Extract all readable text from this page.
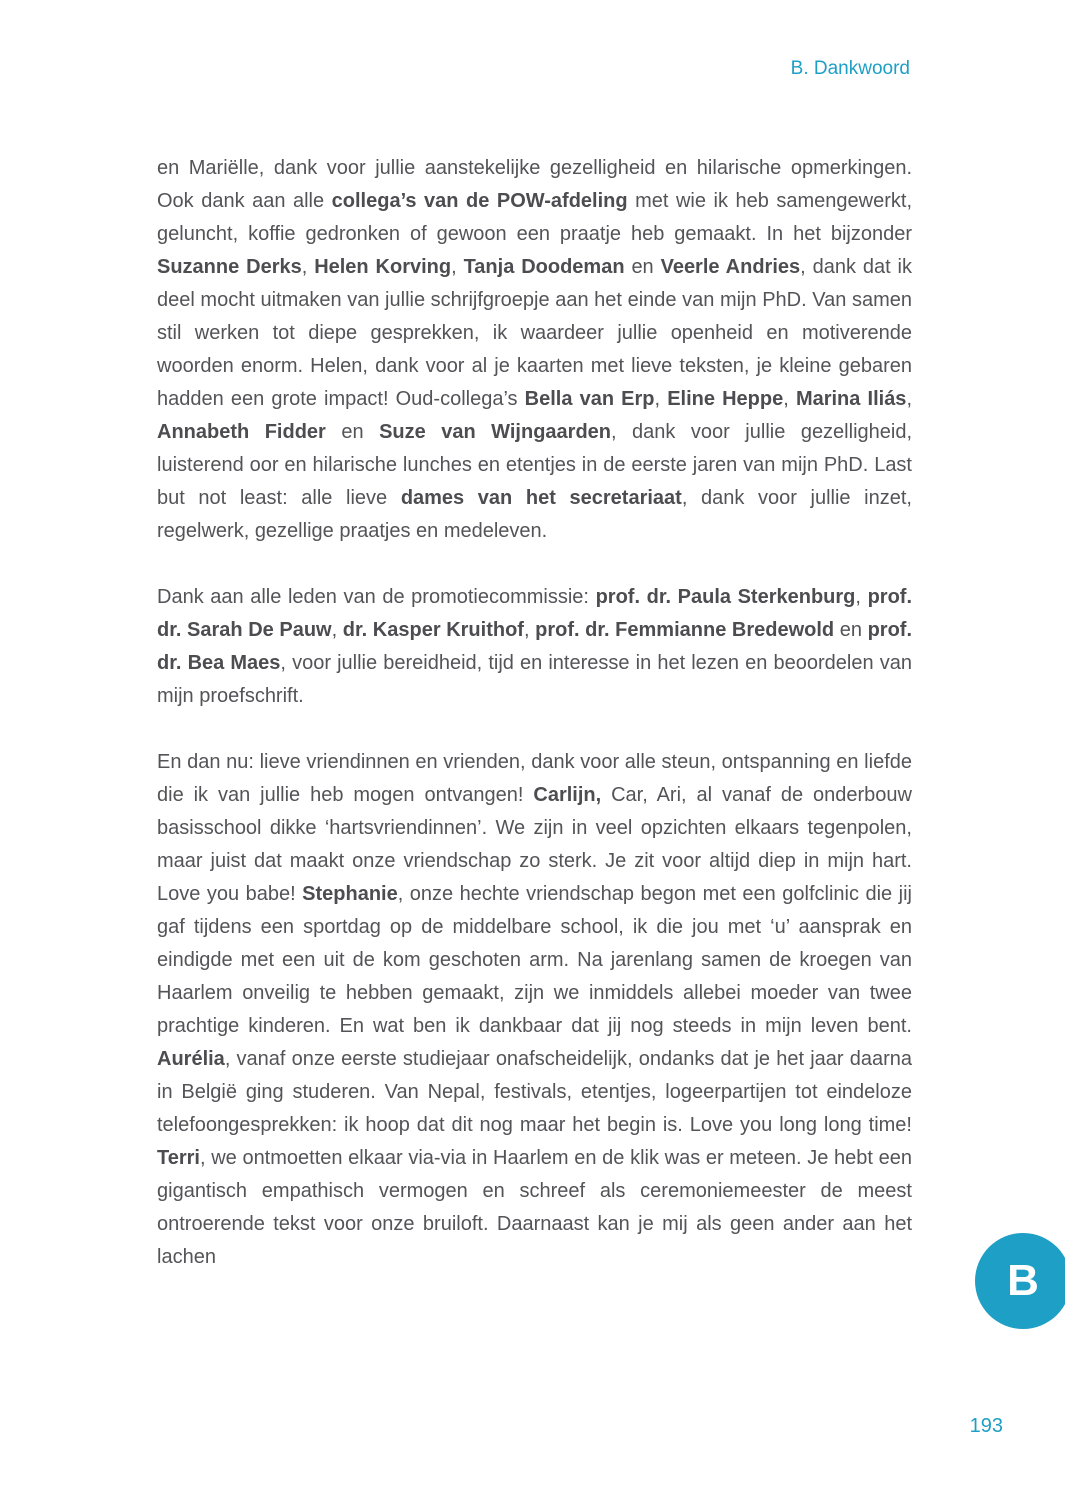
B. Dankwoord

en Mariëlle, dank voor jullie aanstekelijke gezelligheid en hilarische opmerkingen. Ook dank aan alle collega’s van de POW-afdeling met wie ik heb samengewerkt, geluncht, koffie gedronken of gewoon een praatje heb gemaakt. In het bijzonder Suzanne Derks, Helen Korving, Tanja Doodeman en Veerle Andries, dank dat ik deel mocht uitmaken van jullie schrijfgroepje aan het einde van mijn PhD. Van samen stil werken tot diepe gesprekken, ik waardeer jullie openheid en motiverende woorden enorm. Helen, dank voor al je kaarten met lieve teksten, je kleine gebaren hadden een grote impact! Oud-collega’s Bella van Erp, Eline Heppe, Marina Iliás, Annabeth Fidder en Suze van Wijngaarden, dank voor jullie gezelligheid, luisterend oor en hilarische lunches en etentjes in de eerste jaren van mijn PhD. Last but not least: alle lieve dames van het secretariaat, dank voor jullie inzet, regelwerk, gezellige praatjes en medeleven.

Dank aan alle leden van de promotiecommissie: prof. dr. Paula Sterkenburg, prof. dr. Sarah De Pauw, dr. Kasper Kruithof, prof. dr. Femmianne Bredewold en prof. dr. Bea Maes, voor jullie bereidheid, tijd en interesse in het lezen en beoordelen van mijn proefschrift.

En dan nu: lieve vriendinnen en vrienden, dank voor alle steun, ontspanning en liefde die ik van jullie heb mogen ontvangen! Carlijn, Car, Ari, al vanaf de onderbouw basisschool dikke ‘hartsvriendinnen’. We zijn in veel opzichten elkaars tegenpolen, maar juist dat maakt onze vriendschap zo sterk. Je zit voor altijd diep in mijn hart. Love you babe! Stephanie, onze hechte vriendschap begon met een golfclinic die jij gaf tijdens een sportdag op de middelbare school, ik die jou met ‘u’ aansprak en eindigde met een uit de kom geschoten arm. Na jarenlang samen de kroegen van Haarlem onveilig te hebben gemaakt, zijn we inmiddels allebei moeder van twee prachtige kinderen. En wat ben ik dankbaar dat jij nog steeds in mijn leven bent. Aurélia, vanaf onze eerste studiejaar onafscheidelijk, ondanks dat je het jaar daarna in België ging studeren. Van Nepal, festivals, etentjes, logeerpartijen tot eindeloze telefoongesprekken: ik hoop dat dit nog maar het begin is. Love you long long time! Terri, we ontmoetten elkaar via-via in Haarlem en de klik was er meteen. Je hebt een gigantisch empathisch vermogen en schreef als ceremoniemeester de meest ontroerende tekst voor onze bruiloft. Daarnaast kan je mij als geen ander aan het lachen	B
193
